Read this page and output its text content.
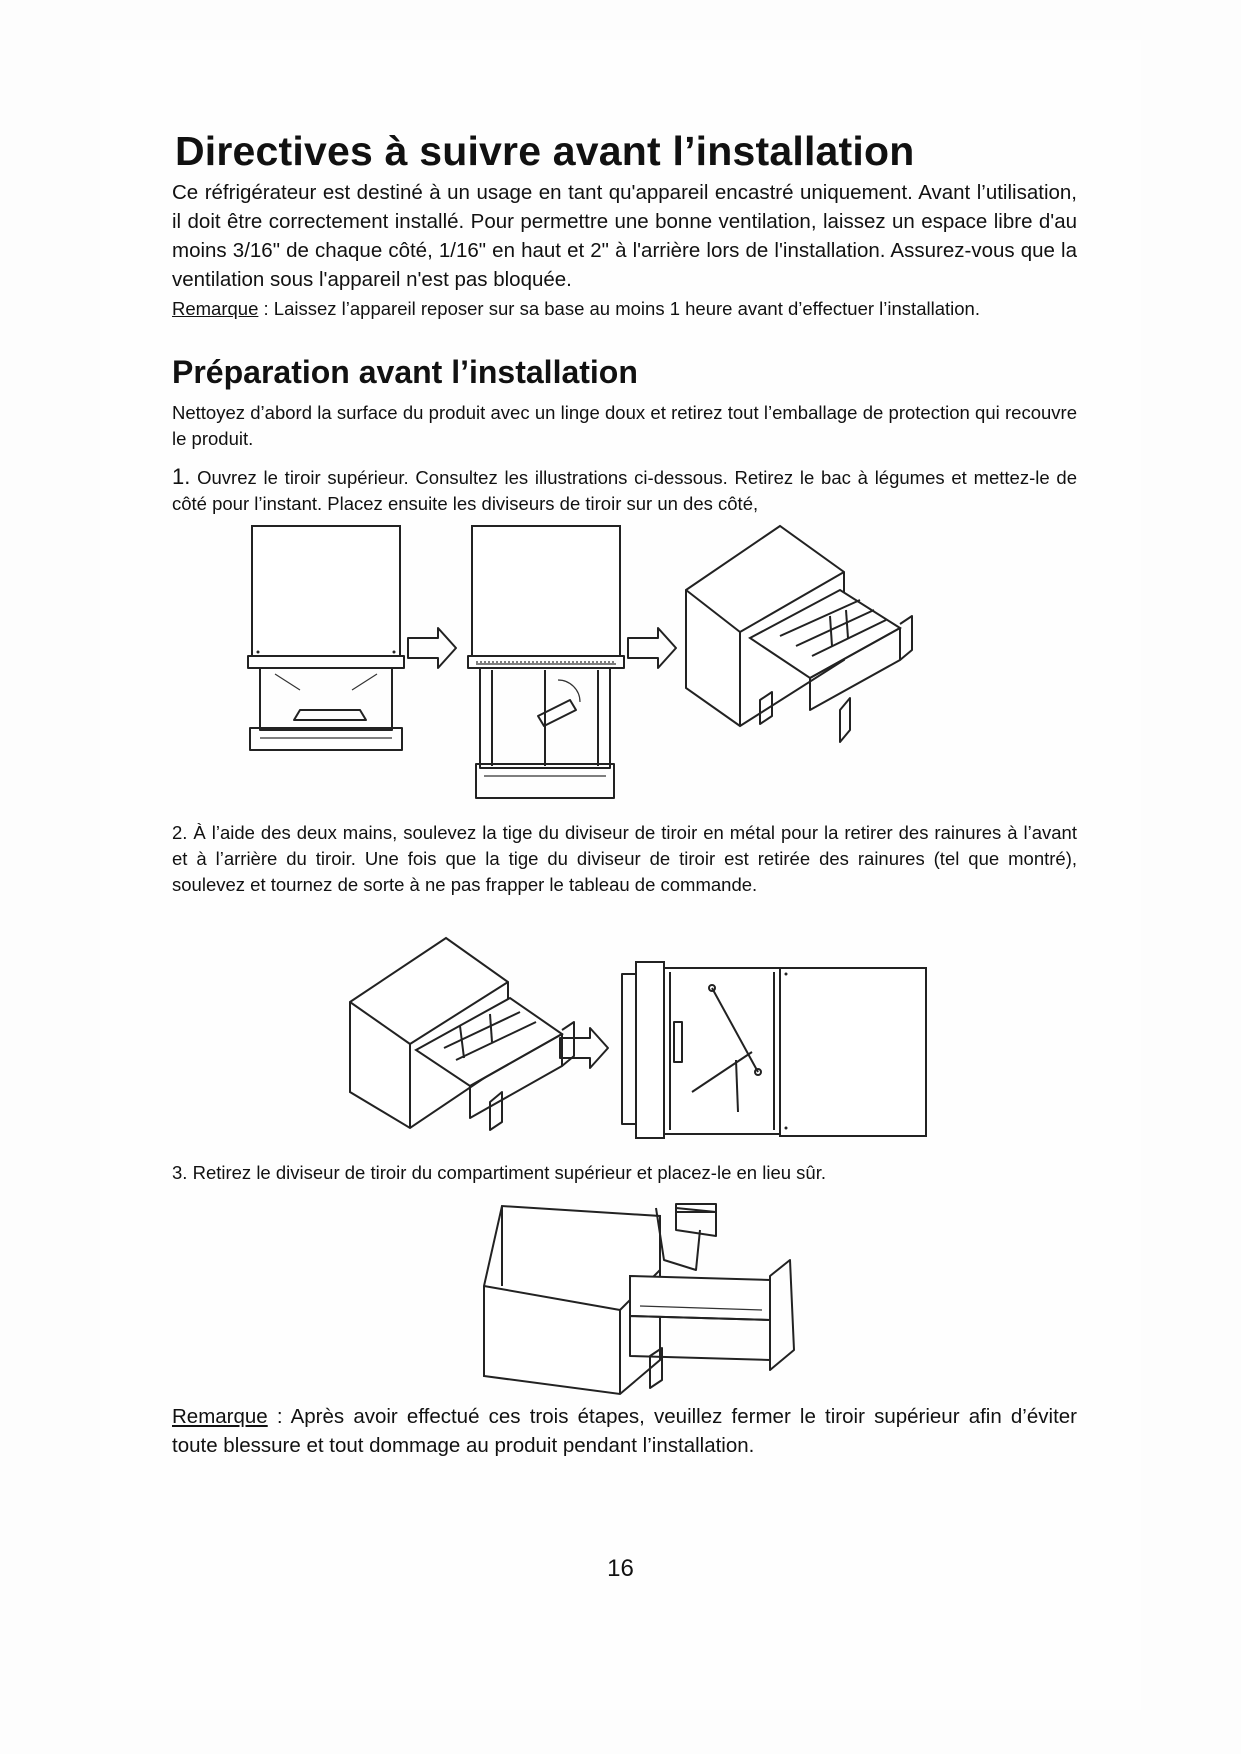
Directives à suivre avant l’installation
Ce réfrigérateur est destiné à un usage en tant qu'appareil encastré uniquement. Avant l’utilisation, il doit être correctement installé. Pour permettre une bonne ventilation, laissez un espace libre d'au moins 3/16" de chaque côté, 1/16" en haut et 2" à l'arrière lors de l'installation. Assurez-vous que la ventilation sous l'appareil n'est pas bloquée.
Remarque : Laissez l’appareil reposer sur sa base au moins 1 heure avant d’effectuer l’installation.
Préparation avant l’installation
Nettoyez d’abord la surface du produit avec un linge doux et retirez tout l’emballage de protection qui recouvre le produit.
1. Ouvrez le tiroir supérieur. Consultez les illustrations ci-dessous. Retirez le bac à légumes et mettez-le de côté pour l’instant. Placez ensuite les diviseurs de tiroir sur un des côté,
2. À l’aide des deux mains, soulevez la tige du diviseur de tiroir en métal pour la retirer des rainures à l’avant et à l’arrière du tiroir. Une fois que la tige du diviseur de tiroir est retirée des rainures (tel que montré), soulevez et tournez de sorte à ne pas frapper le tableau de commande.
3. Retirez le diviseur de tiroir du compartiment supérieur et placez-le en lieu sûr.
Remarque : Après avoir effectué ces trois étapes, veuillez fermer le tiroir supérieur afin d’éviter toute blessure et tout dommage au produit pendant l’installation.
16
